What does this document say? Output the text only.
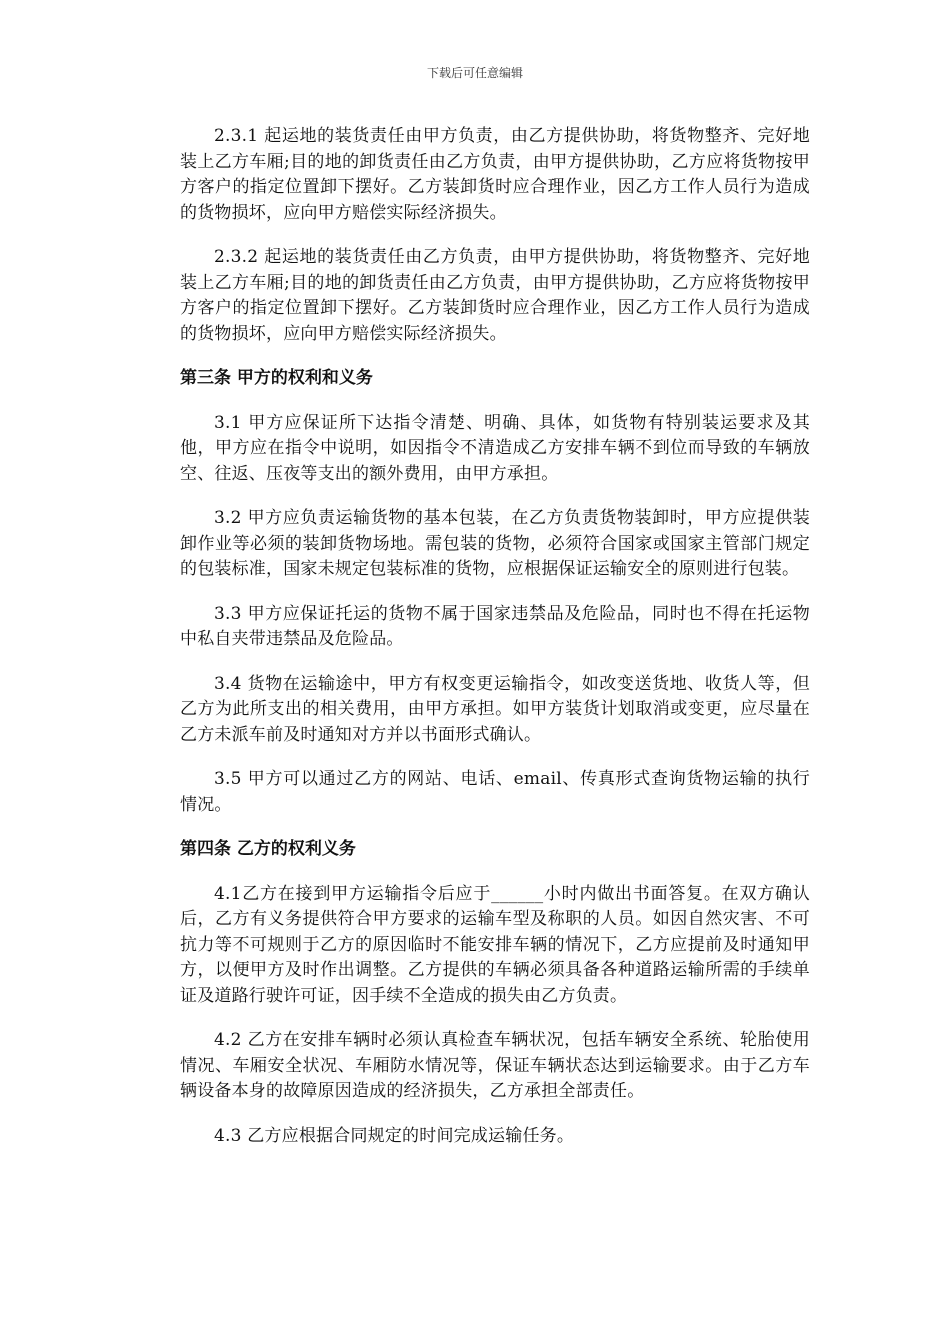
下载后可任意编辑

2.3.1 起运地的装货责任由甲方负责，由乙方提供协助，将货物整齐、完好地装上乙方车厢;目的地的卸货责任由乙方负责，由甲方提供协助，乙方应将货物按甲方客户的指定位置卸下摆好。乙方装卸货时应合理作业，因乙方工作人员行为造成的货物损坏，应向甲方赔偿实际经济损失。

2.3.2 起运地的装货责任由乙方负责，由甲方提供协助，将货物整齐、完好地装上乙方车厢;目的地的卸货责任由乙方负责，由甲方提供协助，乙方应将货物按甲方客户的指定位置卸下摆好。乙方装卸货时应合理作业，因乙方工作人员行为造成的货物损坏，应向甲方赔偿实际经济损失。

第三条 甲方的权利和义务

3.1 甲方应保证所下达指令清楚、明确、具体，如货物有特别装运要求及其他，甲方应在指令中说明，如因指令不清造成乙方安排车辆不到位而导致的车辆放空、往返、压夜等支出的额外费用，由甲方承担。

3.2 甲方应负责运输货物的基本包装，在乙方负责货物装卸时，甲方应提供装卸作业等必须的装卸货物场地。需包装的货物，必须符合国家或国家主管部门规定的包装标准，国家未规定包装标准的货物，应根据保证运输安全的原则进行包装。

3.3 甲方应保证托运的货物不属于国家违禁品及危险品，同时也不得在托运物中私自夹带违禁品及危险品。

3.4 货物在运输途中，甲方有权变更运输指令，如改变送货地、收货人等，但乙方为此所支出的相关费用，由甲方承担。如甲方装货计划取消或变更，应尽量在乙方未派车前及时通知对方并以书面形式确认。

3.5 甲方可以通过乙方的网站、电话、email、传真形式查询货物运输的执行情况。

第四条 乙方的权利义务

4.1乙方在接到甲方运输指令后应于______小时内做出书面答复。在双方确认后，乙方有义务提供符合甲方要求的运输车型及称职的人员。如因自然灾害、不可抗力等不可规则于乙方的原因临时不能安排车辆的情况下，乙方应提前及时通知甲方，以便甲方及时作出调整。乙方提供的车辆必须具备各种道路运输所需的手续单证及道路行驶许可证，因手续不全造成的损失由乙方负责。

4.2 乙方在安排车辆时必须认真检查车辆状况，包括车辆安全系统、轮胎使用情况、车厢安全状况、车厢防水情况等，保证车辆状态达到运输要求。由于乙方车辆设备本身的故障原因造成的经济损失，乙方承担全部责任。

4.3 乙方应根据合同规定的时间完成运输任务。
